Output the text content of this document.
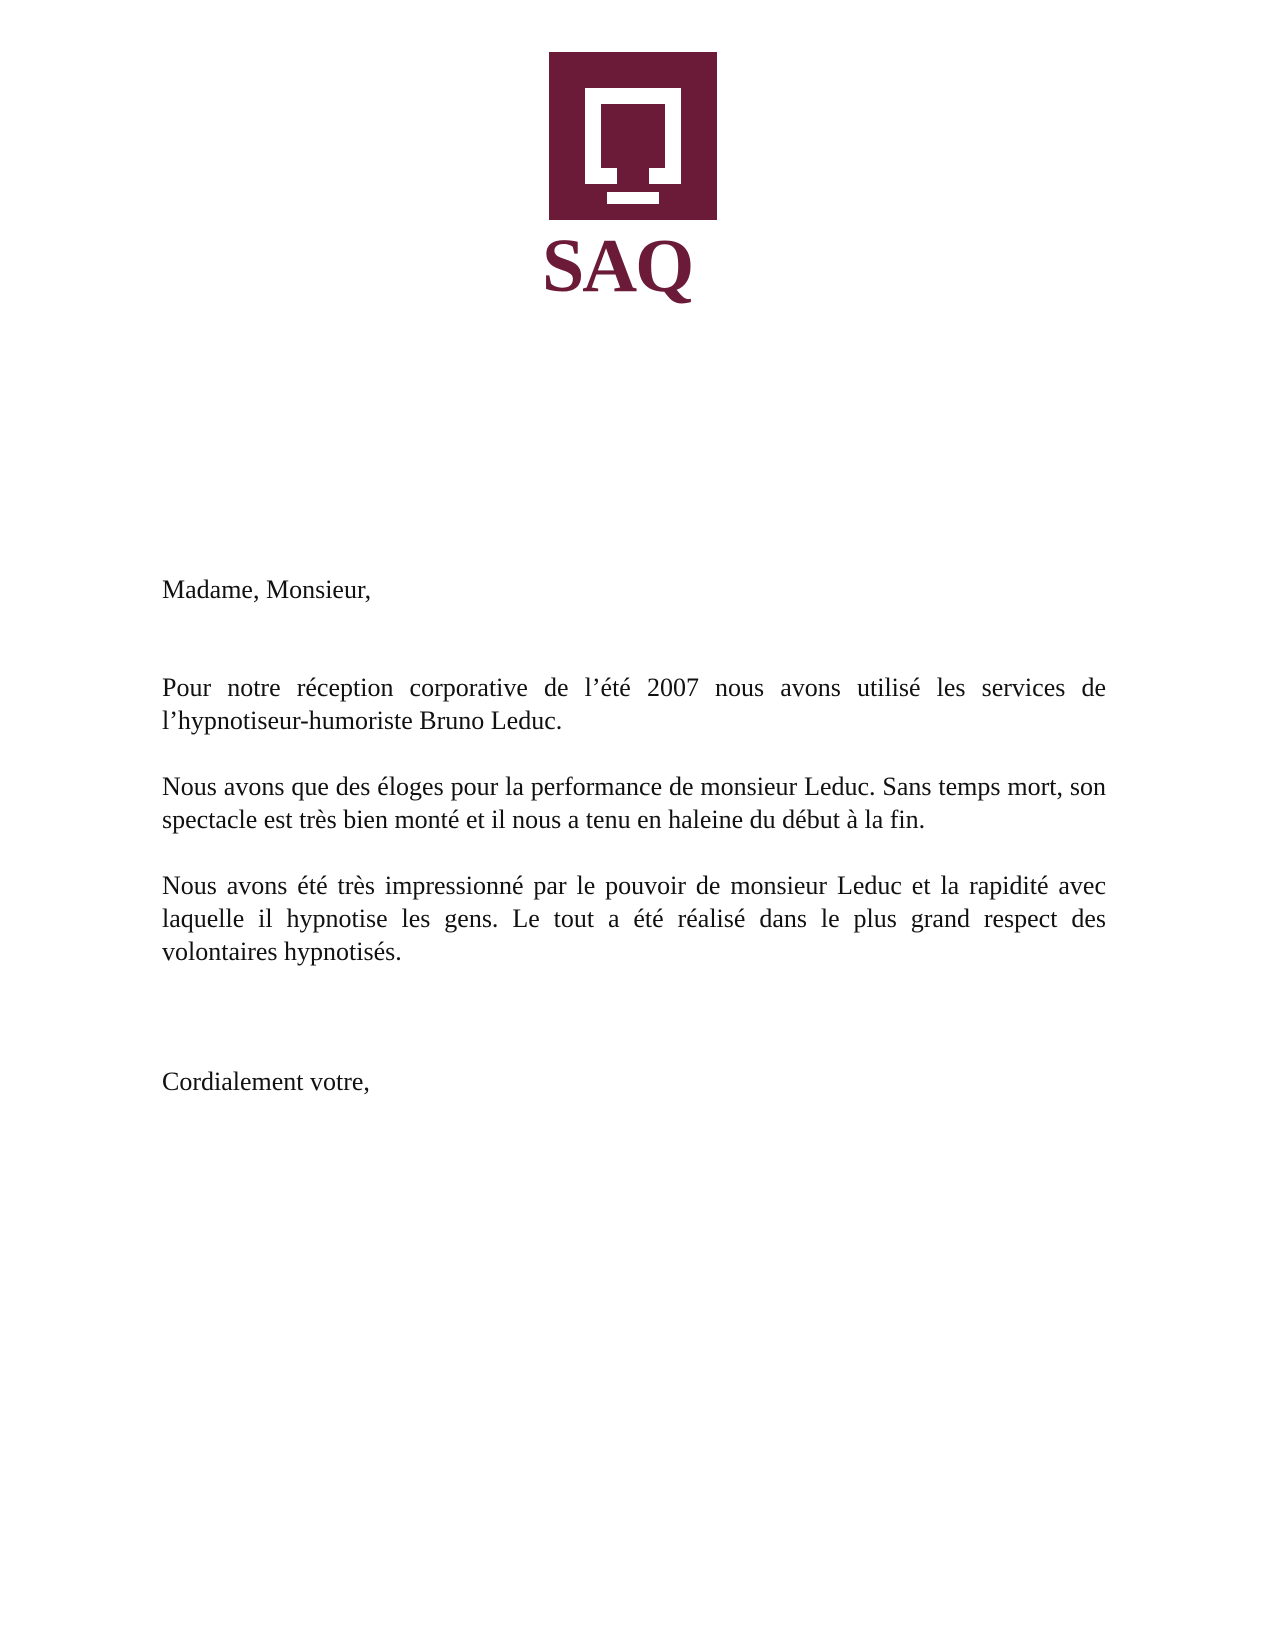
SAQ

Madame, Monsieur,

Pour notre réception corporative de l’été 2007 nous avons utilisé les services de l’hypnotiseur-humoriste Bruno Leduc.

Nous avons que des éloges pour la performance de monsieur Leduc. Sans temps mort, son spectacle est très bien monté et il nous a tenu en haleine du début à la fin.

Nous avons été très impressionné par le pouvoir de monsieur Leduc et la rapidité avec laquelle il hypnotise les gens. Le tout a été réalisé dans le plus grand respect des volontaires hypnotisés.

Cordialement votre,
